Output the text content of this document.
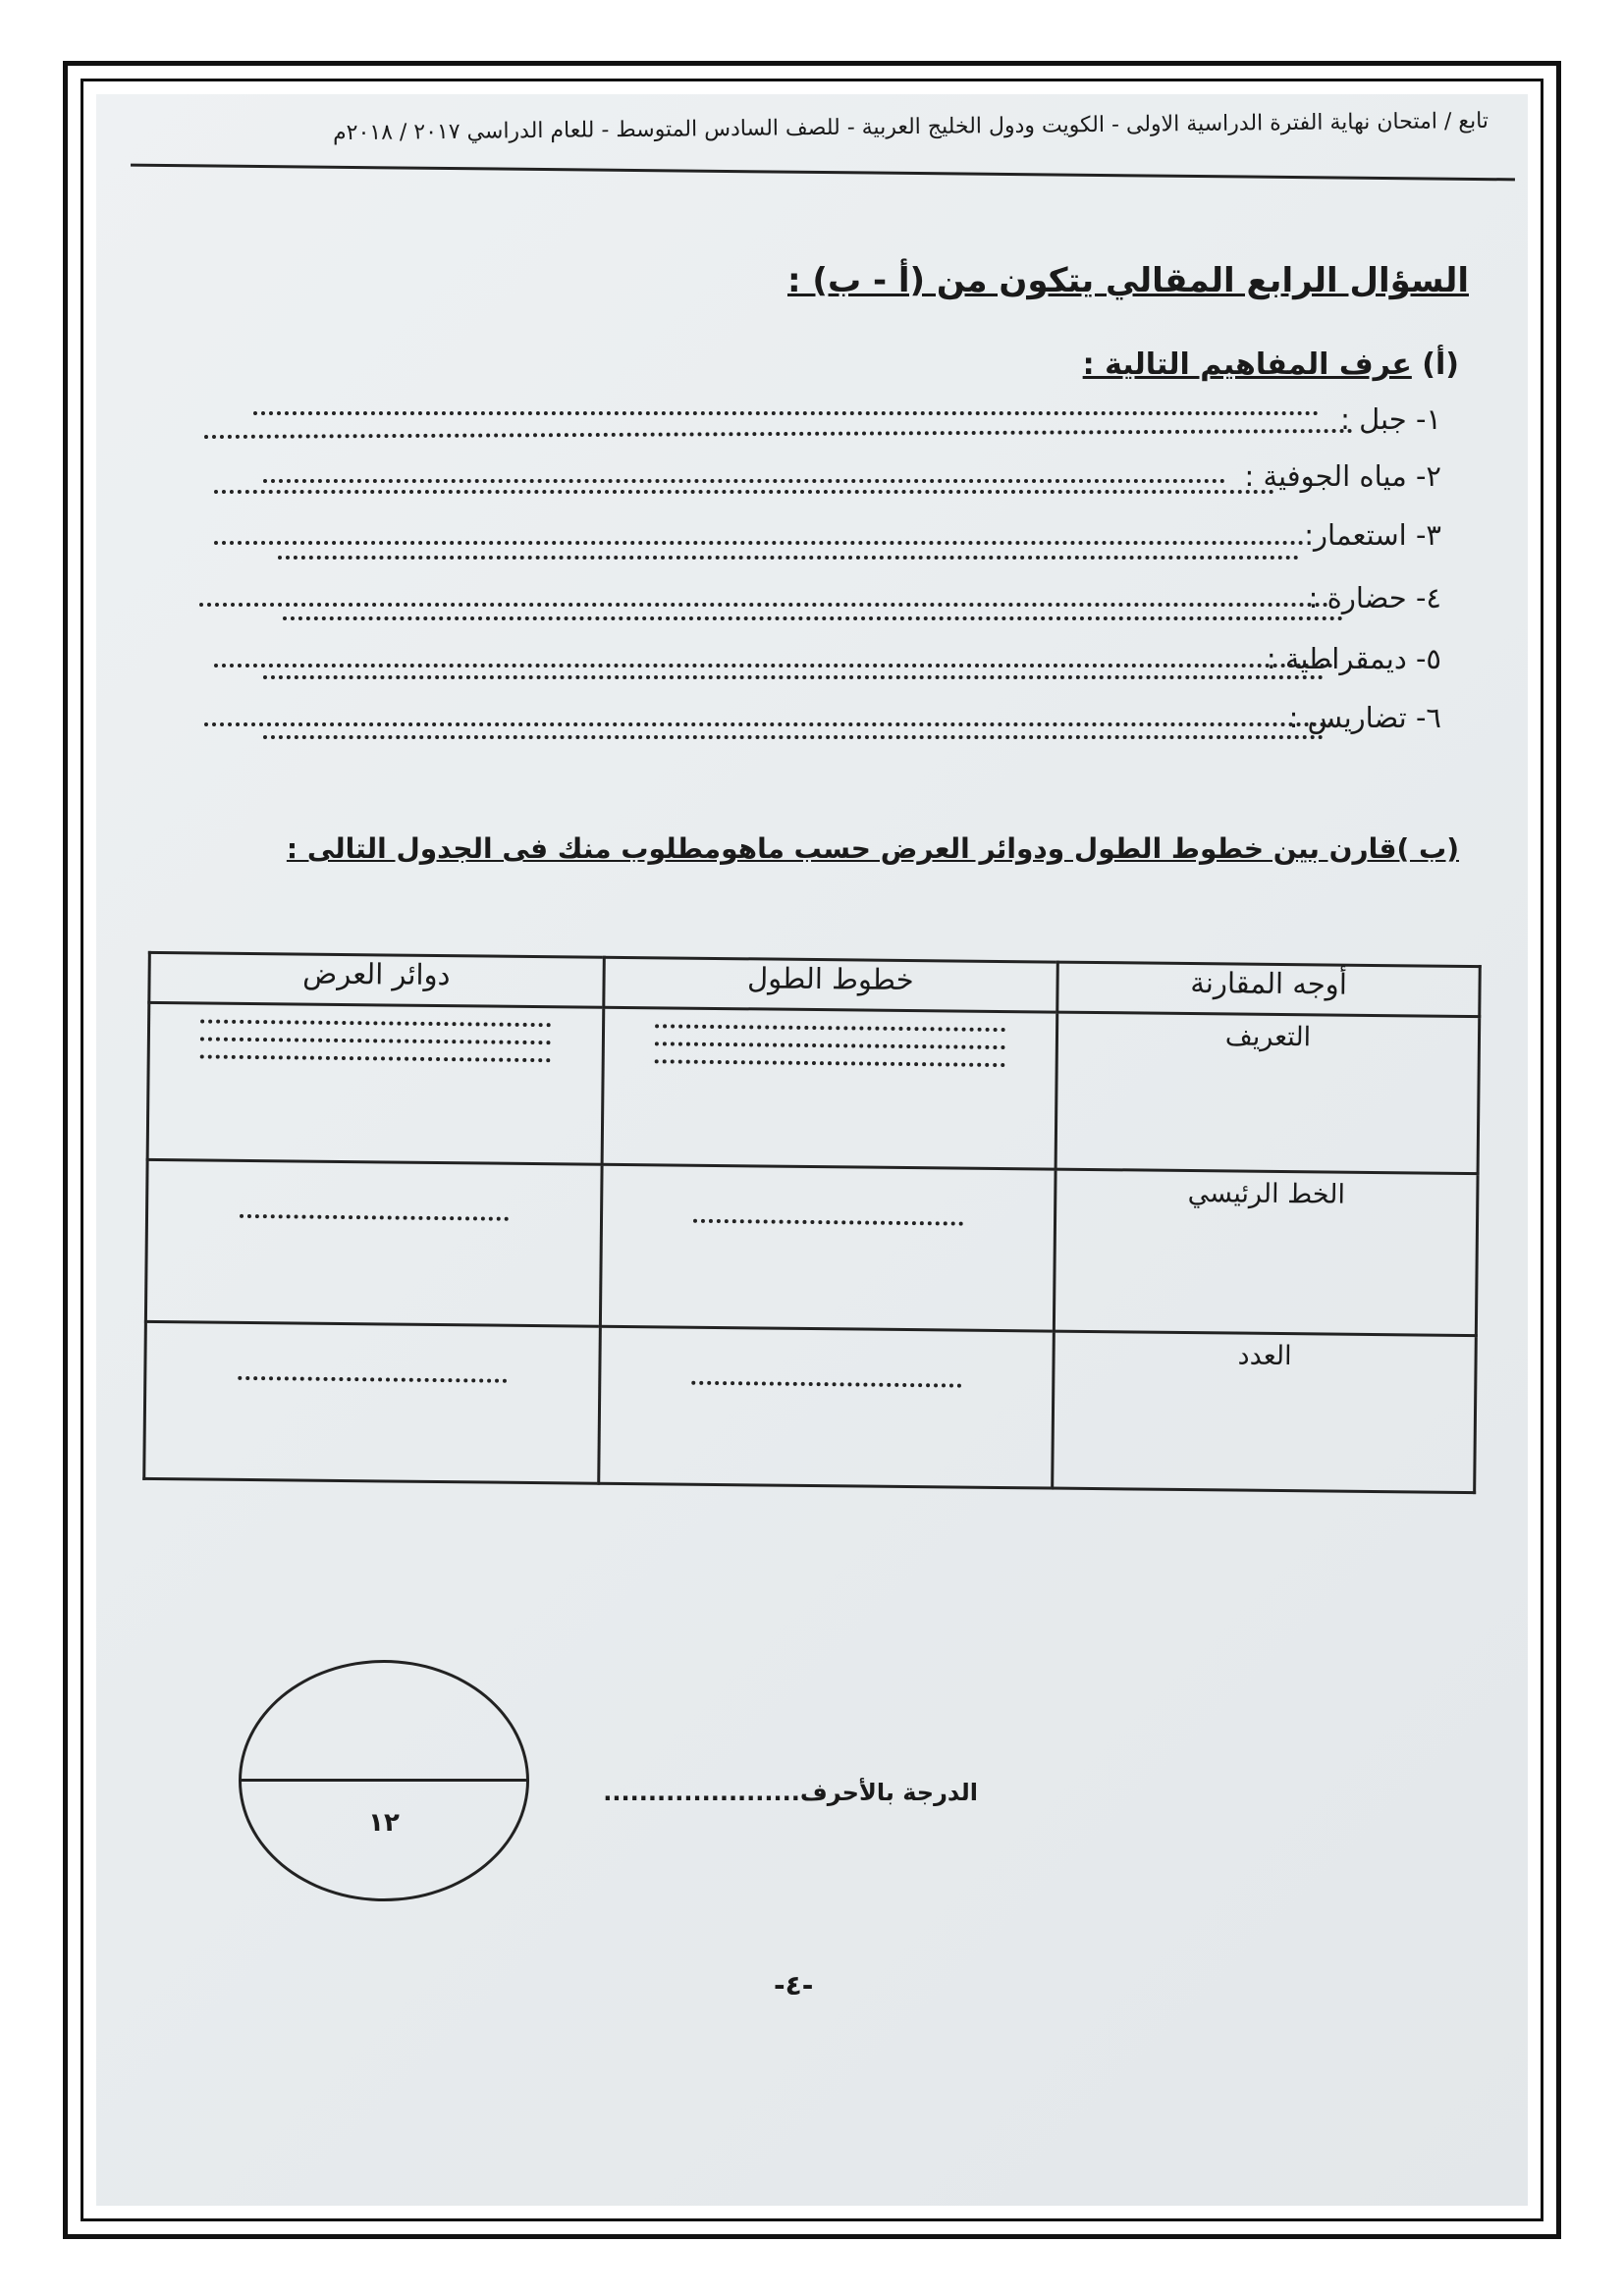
تابع / امتحان نهاية الفترة الدراسية الاولى - الكويت ودول الخليج العربية - للصف السادس المتوسط - للعام الدراسي ٢٠١٧ / ٢٠١٨م
السؤال الرابع المقالي يتكون من (أ - ب) :
(أ) عرف المفاهيم التالية :
١- جبل :
٢- مياه الجوفية :
٣- استعمار:
٤- حضارة :
٥- ديمقراطية :
٦- تضاريس :
(ب )قارن بين خطوط الطول ودوائر العرض حسب ماهومطلوب منك فى الجدول التالى :
أوجه المقارنة	خطوط الطول	دوائر العرض
التعريف	

الخط الرئيسي	

العدد	

١٢
الدرجة بالأحرف......................
-٤-
